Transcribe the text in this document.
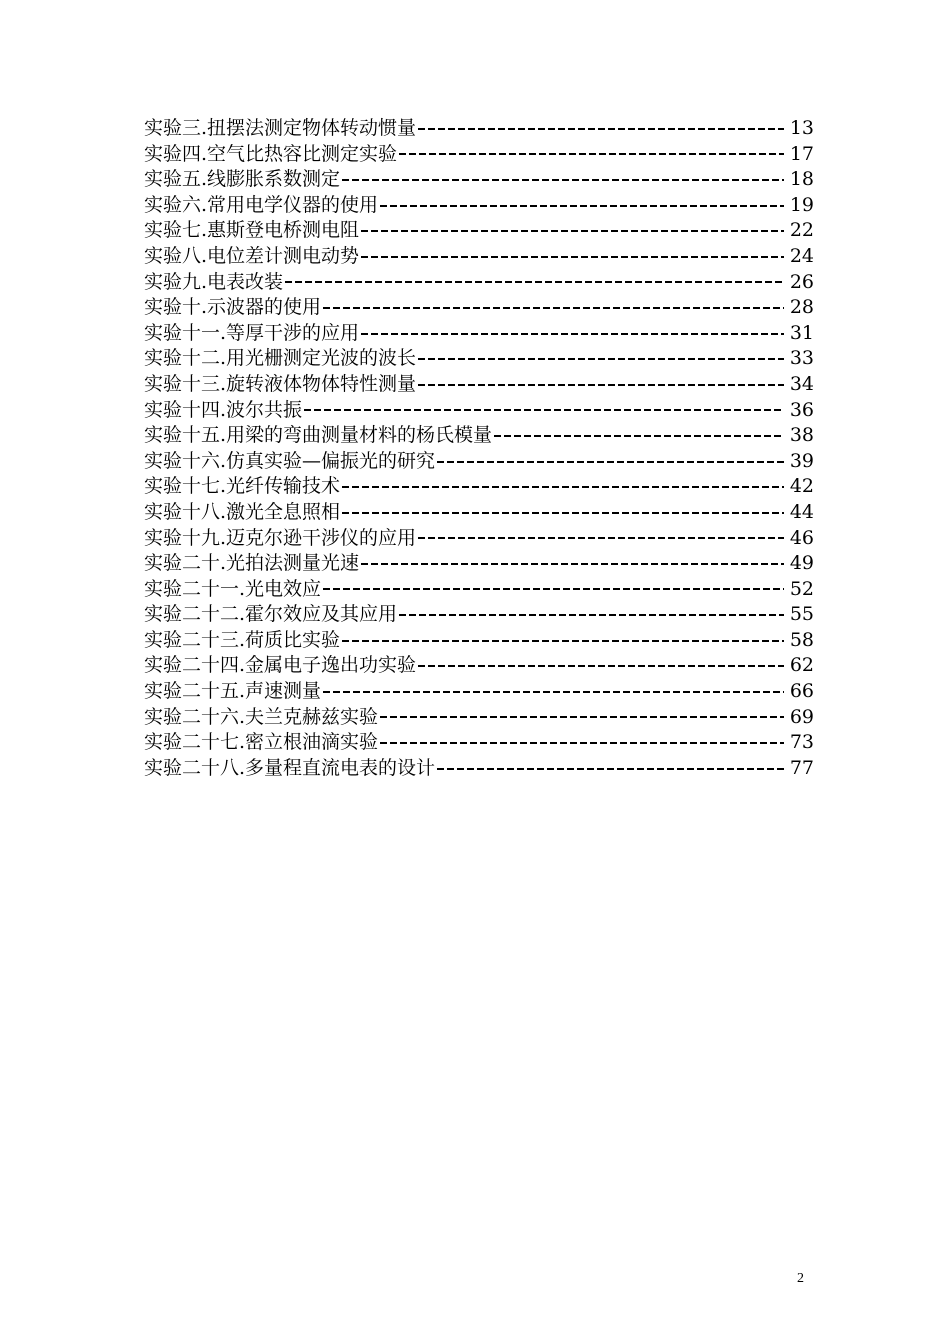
实验三.扭摆法测定物体转动惯量	13
实验四.空气比热容比测定实验	17
实验五.线膨胀系数测定	18
实验六.常用电学仪器的使用	19
实验七.惠斯登电桥测电阻	22
实验八.电位差计测电动势	24
实验九.电表改装	26
实验十.示波器的使用	28
实验十一.等厚干涉的应用	31
实验十二.用光栅测定光波的波长	33
实验十三.旋转液体物体特性测量	34
实验十四.波尔共振	36
实验十五.用梁的弯曲测量材料的杨氏模量	38
实验十六.仿真实验—偏振光的研究	39
实验十七.光纤传输技术	42
实验十八.激光全息照相	44
实验十九.迈克尔逊干涉仪的应用	46
实验二十.光拍法测量光速	49
实验二十一.光电效应	52
实验二十二.霍尔效应及其应用	55
实验二十三.荷质比实验	58
实验二十四.金属电子逸出功实验	62
实验二十五.声速测量	66
实验二十六.夫兰克赫兹实验	69
实验二十七.密立根油滴实验	73
实验二十八.多量程直流电表的设计	77
2
